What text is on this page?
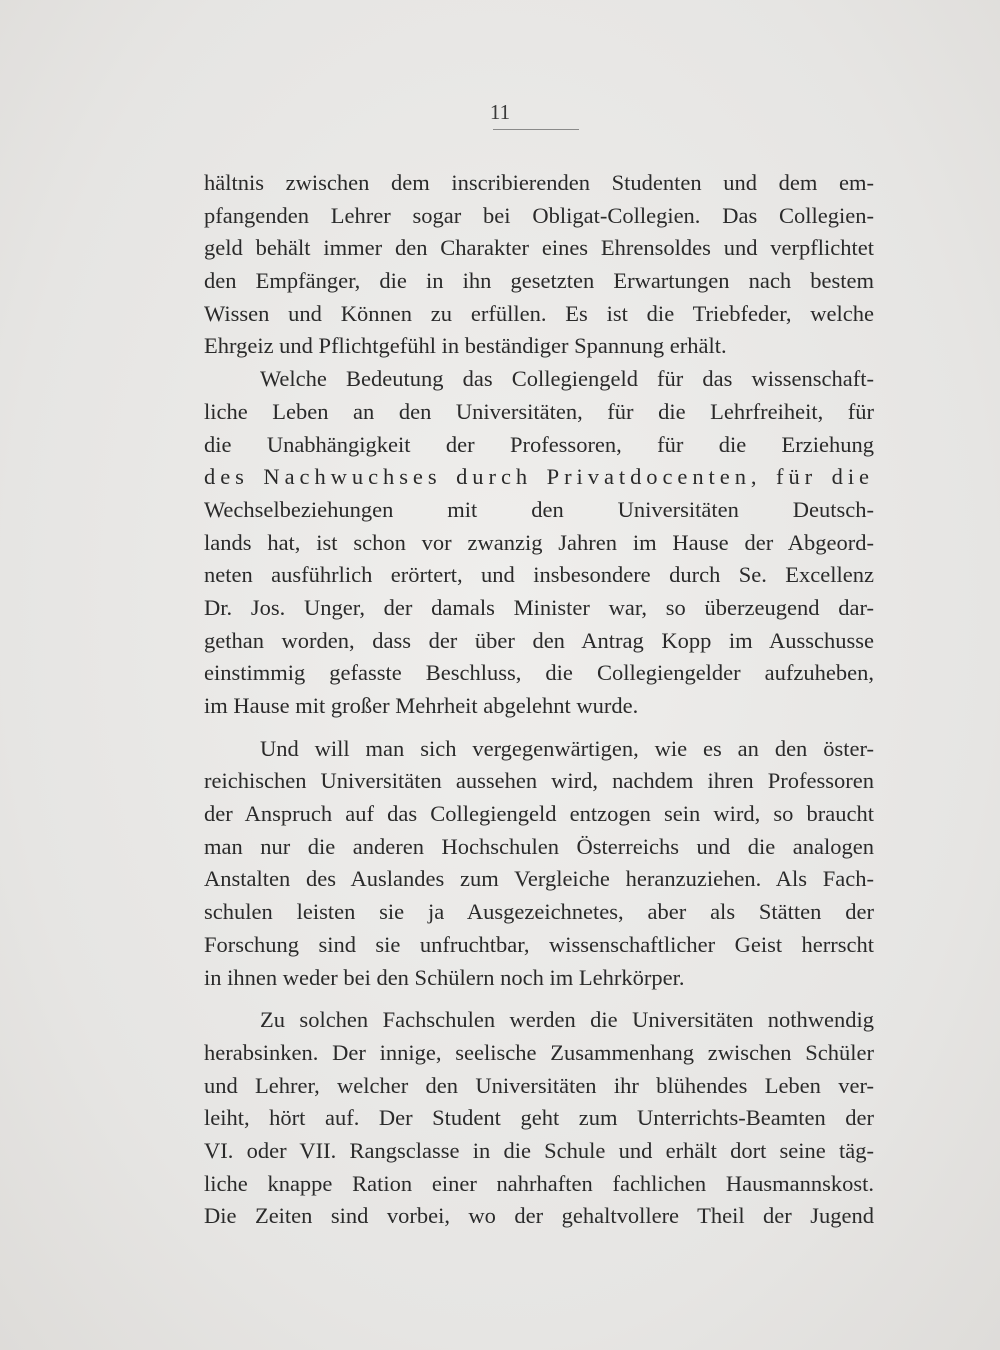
11
hältnis zwischen dem inscribierenden Studenten und dem em-
pfangenden Lehrer sogar bei Obligat-Collegien. Das Collegien-
geld behält immer den Charakter eines Ehrensoldes und verpflichtet
den Empfänger, die in ihn gesetzten Erwartungen nach bestem
Wissen und Können zu erfüllen. Es ist die Triebfeder, welche
Ehrgeiz und Pflichtgefühl in beständiger Spannung erhält.
Welche Bedeutung das Collegiengeld für das wissenschaft-
liche Leben an den Universitäten, für die Lehrfreiheit, für
die Unabhängigkeit der Professoren, für die Erziehung
des Nachwuchses durch Privatdocenten, für die
Wechselbeziehungen mit den Universitäten Deutsch-
lands hat, ist schon vor zwanzig Jahren im Hause der Abgeord-
neten ausführlich erörtert, und insbesondere durch Se. Excellenz
Dr. Jos. Unger, der damals Minister war, so überzeugend dar-
gethan worden, dass der über den Antrag Kopp im Ausschusse
einstimmig gefasste Beschluss, die Collegiengelder aufzuheben,
im Hause mit großer Mehrheit abgelehnt wurde.
Und will man sich vergegenwärtigen, wie es an den öster-
reichischen Universitäten aussehen wird, nachdem ihren Professoren
der Anspruch auf das Collegiengeld entzogen sein wird, so braucht
man nur die anderen Hochschulen Österreichs und die analogen
Anstalten des Auslandes zum Vergleiche heranzuziehen. Als Fach-
schulen leisten sie ja Ausgezeichnetes, aber als Stätten der
Forschung sind sie unfruchtbar, wissenschaftlicher Geist herrscht
in ihnen weder bei den Schülern noch im Lehrkörper.
Zu solchen Fachschulen werden die Universitäten nothwendig
herabsinken. Der innige, seelische Zusammenhang zwischen Schüler
und Lehrer, welcher den Universitäten ihr blühendes Leben ver-
leiht, hört auf. Der Student geht zum Unterrichts-Beamten der
VI. oder VII. Rangsclasse in die Schule und erhält dort seine täg-
liche knappe Ration einer nahrhaften fachlichen Hausmannskost.
Die Zeiten sind vorbei, wo der gehaltvollere Theil der Jugend
